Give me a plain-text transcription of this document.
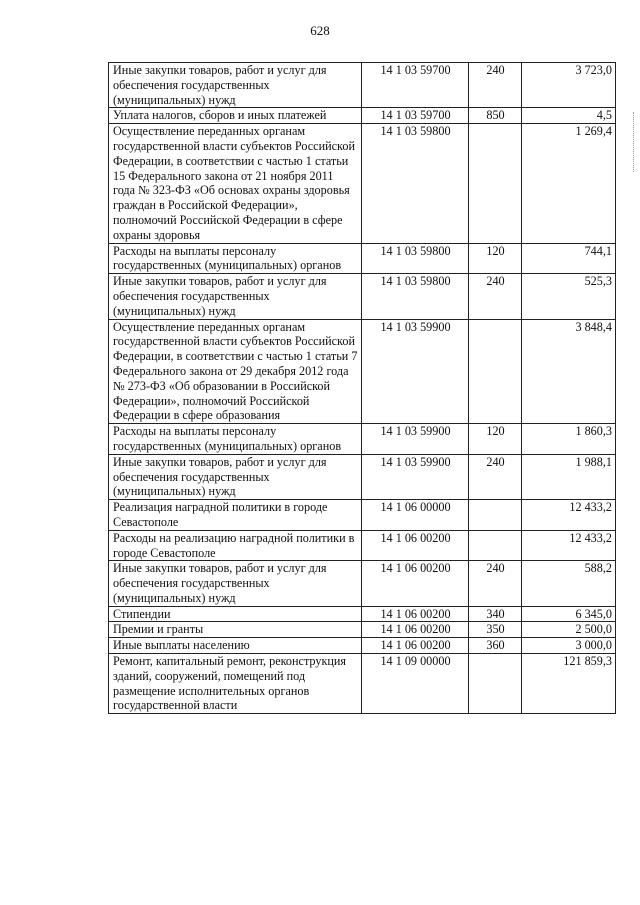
628
Иные закупки товаров, работ и услуг для обеспечения государственных (муниципальных) нужд	14 1 03 59700	240	3 723,0
Уплата налогов, сборов и иных платежей	14 1 03 59700	850	4,5
Осуществление переданных органам государственной власти субъектов Российской Федерации, в соответствии с частью 1 статьи 15 Федерального закона от 21 ноября 2011 года № 323-ФЗ «Об основах охраны здоровья граждан в Российской Федерации», полномочий Российской Федерации в сфере охраны здоровья	14 1 03 59800		1 269,4
Расходы на выплаты персоналу государственных (муниципальных) органов	14 1 03 59800	120	744,1
Иные закупки товаров, работ и услуг для обеспечения государственных (муниципальных) нужд	14 1 03 59800	240	525,3
Осуществление переданных органам государственной власти субъектов Российской Федерации, в соответствии с частью 1 статьи 7 Федерального закона от 29 декабря 2012 года № 273-ФЗ «Об образовании в Российской Федерации», полномочий Российской Федерации в сфере образования	14 1 03 59900		3 848,4
Расходы на выплаты персоналу государственных (муниципальных) органов	14 1 03 59900	120	1 860,3
Иные закупки товаров, работ и услуг для обеспечения государственных (муниципальных) нужд	14 1 03 59900	240	1 988,1
Реализация наградной политики в городе Севастополе	14 1 06 00000		12 433,2
Расходы на реализацию наградной политики в городе Севастополе	14 1 06 00200		12 433,2
Иные закупки товаров, работ и услуг для обеспечения государственных (муниципальных) нужд	14 1 06 00200	240	588,2
Стипендии	14 1 06 00200	340	6 345,0
Премии и гранты	14 1 06 00200	350	2 500,0
Иные выплаты населению	14 1 06 00200	360	3 000,0
Ремонт, капитальный ремонт, реконструкция зданий, сооружений, помещений под размещение исполнительных органов государственной власти	14 1 09 00000		121 859,3
